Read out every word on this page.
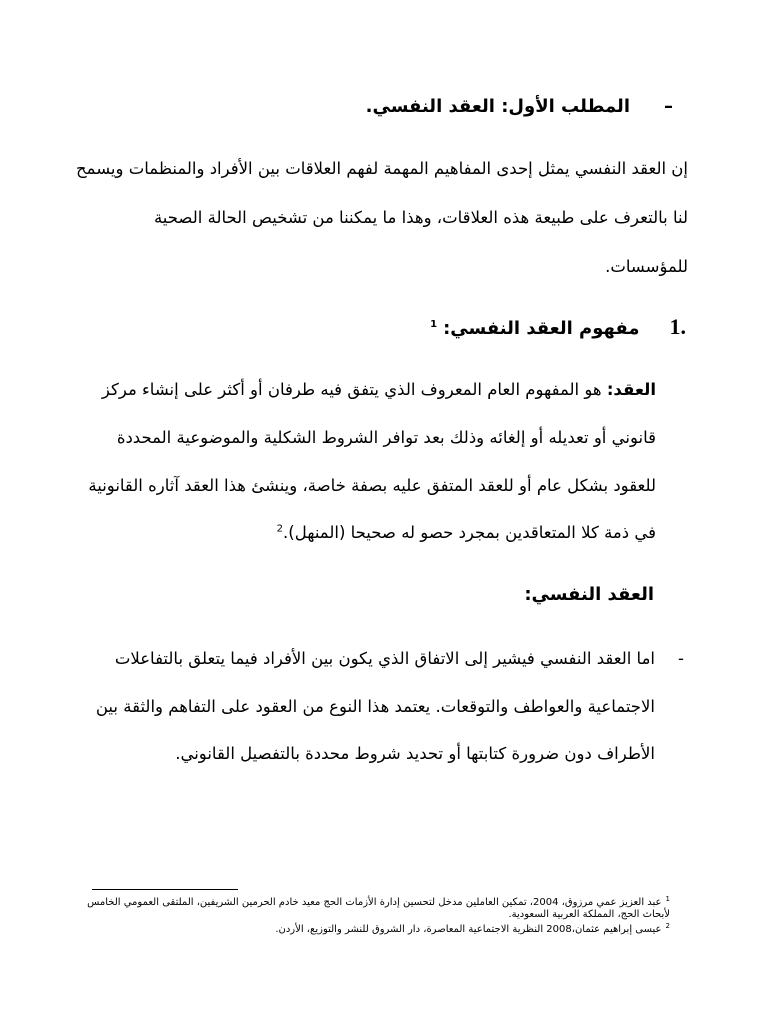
–المطلب الأول: العقد النفسي.
إن العقد النفسي يمثل إحدى المفاهيم المهمة لفهم العلاقات بين الأفراد والمنظمات ويسمح
لنا بالتعرف على طبيعة هذه العلاقات، وهذا ما يمكننا من تشخيص الحالة الصحية
للمؤسسات.
1.مفهوم العقد النفسي:$^1$
العقد: هو المفهوم العام المعروف الذي يتفق فيه طرفان أو أكثر على إنشاء مركز
قانوني أو تعديله أو إلغائه وذلك بعد توافر الشروط الشكلية والموضوعية المحددة
للعقود بشكل عام أو للعقد المتفق عليه بصفة خاصة، وينشئ هذا العقد آثاره القانونية
في ذمة كلا المتعاقدين بمجرد حصو له صحيحا (المنهل).$^2$
العقد النفسي:
-
اما العقد النفسي فيشير إلى الاتفاق الذي يكون بين الأفراد فيما يتعلق بالتفاعلات
الاجتماعية والعواطف والتوقعات. يعتمد هذا النوع من العقود على التفاهم والثقة بين
الأطراف دون ضرورة كتابتها أو تحديد شروط محددة بالتفصيل القانوني.
$^1$عبد العزيز عمي مرزوق، 2004، تمكين العاملين مدخل لتحسين إدارة الأزمات الحج معيد خادم الحرمين الشريفين، الملتقى العمومي الخامس
لأبحاث الحج، المملكة العربية السعودية.
$^2$عيسى إبراهيم عثمان،2008 النظرية الاجتماعية المعاصرة، دار الشروق للنشر والتوزيع، الأردن.
